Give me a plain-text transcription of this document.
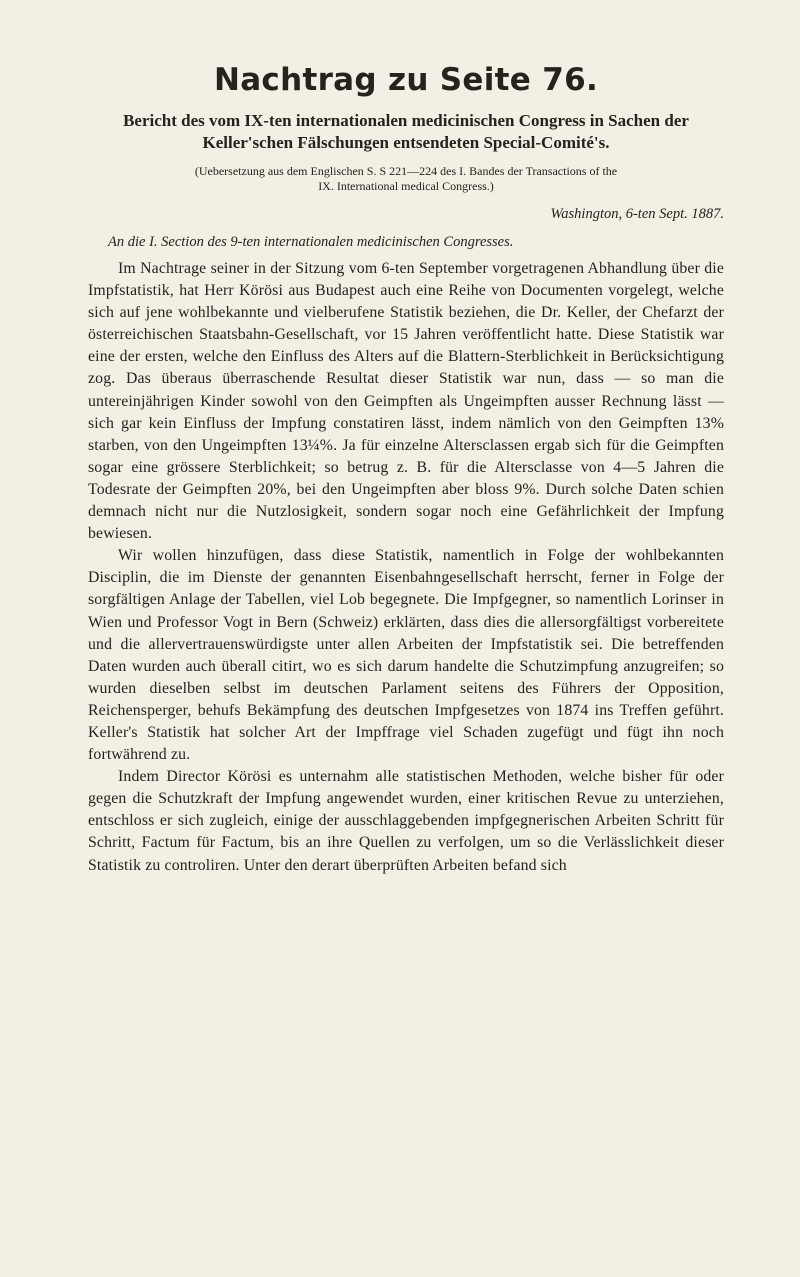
Nachtrag zu Seite 76.
Bericht des vom IX-ten internationalen medicinischen Congress in Sachen der
Keller'schen Fälschungen entsendeten Special-Comité's.
(Uebersetzung aus dem Englischen S. S 221—224 des I. Bandes der Transactions of the
IX. International medical Congress.)
Washington, 6-ten Sept. 1887.
An die I. Section des 9-ten internationalen medicinischen Congresses.

Im Nachtrage seiner in der Sitzung vom 6-ten September vorgetragenen Abhandlung über die Impfstatistik, hat Herr Körösi aus Budapest auch eine Reihe von Documenten vorgelegt, welche sich auf jene wohlbekannte und vielberufene Statistik beziehen, die Dr. Keller, der Chefarzt der österreichischen Staatsbahn-Gesellschaft, vor 15 Jahren veröffentlicht hatte. Diese Statistik war eine der ersten, welche den Einfluss des Alters auf die Blattern-Sterblichkeit in Berücksichtigung zog. Das überaus überraschende Resultat dieser Statistik war nun, dass — so man die untereinjährigen Kinder sowohl von den Geimpften als Ungeimpften ausser Rechnung lässt — sich gar kein Einfluss der Impfung constatiren lässt, indem nämlich von den Geimpften 13% starben, von den Ungeimpften 13¼%. Ja für einzelne Altersclassen ergab sich für die Geimpften sogar eine grössere Sterblichkeit; so betrug z. B. für die Altersclasse von 4—5 Jahren die Todesrate der Geimpften 20%, bei den Ungeimpften aber bloss 9%. Durch solche Daten schien demnach nicht nur die Nutzlosigkeit, sondern sogar noch eine Gefährlichkeit der Impfung bewiesen.

Wir wollen hinzufügen, dass diese Statistik, namentlich in Folge der wohlbekannten Disciplin, die im Dienste der genannten Eisenbahngesellschaft herrscht, ferner in Folge der sorgfältigen Anlage der Tabellen, viel Lob begegnete. Die Impfgegner, so namentlich Lorinser in Wien und Professor Vogt in Bern (Schweiz) erklärten, dass dies die allersorgfältigst vorbereitete und die allervertrauenswürdigste unter allen Arbeiten der Impfstatistik sei. Die betreffenden Daten wurden auch überall citirt, wo es sich darum handelte die Schutzimpfung anzugreifen; so wurden dieselben selbst im deutschen Parlament seitens des Führers der Opposition, Reichensperger, behufs Bekämpfung des deutschen Impfgesetzes von 1874 ins Treffen geführt. Keller's Statistik hat solcher Art der Impffrage viel Schaden zugefügt und fügt ihn noch fortwährend zu.

Indem Director Körösi es unternahm alle statistischen Methoden, welche bisher für oder gegen die Schutzkraft der Impfung angewendet wurden, einer kritischen Revue zu unterziehen, entschloss er sich zugleich, einige der ausschlaggebenden impfgegnerischen Arbeiten Schritt für Schritt, Factum für Factum, bis an ihre Quellen zu verfolgen, um so die Verlässlichkeit dieser Statistik zu controliren. Unter den derart überprüften Arbeiten befand sich
